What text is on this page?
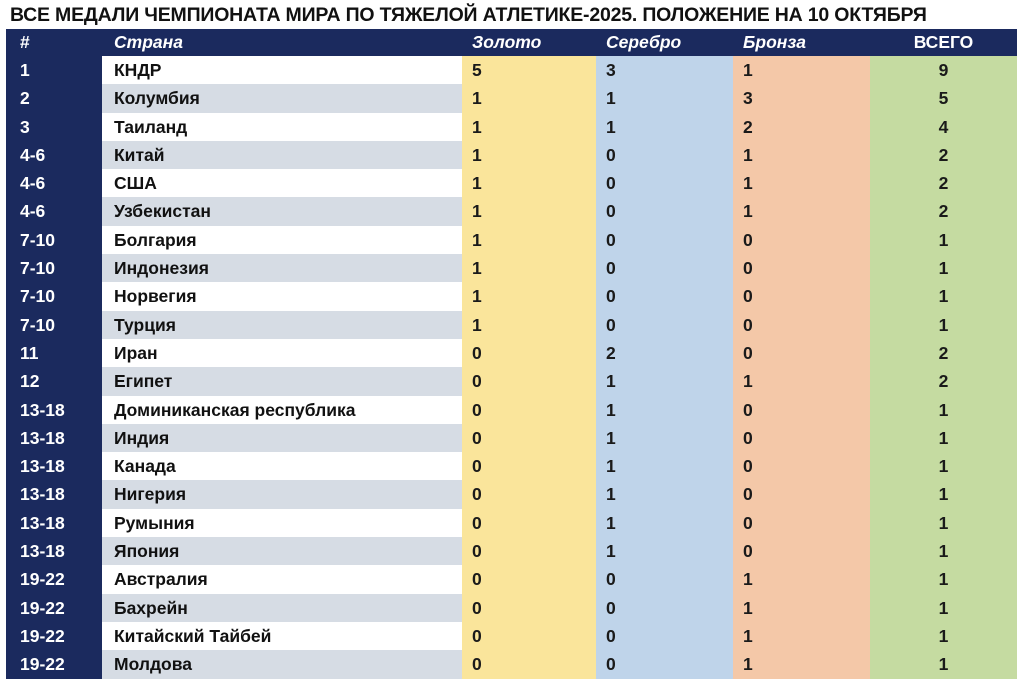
ВСЕ МЕДАЛИ ЧЕМПИОНАТА МИРА ПО ТЯЖЕЛОЙ АТЛЕТИКЕ-2025. ПОЛОЖЕНИЕ НА 10 ОКТЯБРЯ
#	Страна	Золото	Серебро	Бронза	ВСЕГО
1	КНДР	5	3	1	9
2	Колумбия	1	1	3	5
3	Таиланд	1	1	2	4
4-6	Китай	1	0	1	2
4-6	США	1	0	1	2
4-6	Узбекистан	1	0	1	2
7-10	Болгария	1	0	0	1
7-10	Индонезия	1	0	0	1
7-10	Норвегия	1	0	0	1
7-10	Турция	1	0	0	1
11	Иран	0	2	0	2
12	Египет	0	1	1	2
13-18	Доминиканская республика	0	1	0	1
13-18	Индия	0	1	0	1
13-18	Канада	0	1	0	1
13-18	Нигерия	0	1	0	1
13-18	Румыния	0	1	0	1
13-18	Япония	0	1	0	1
19-22	Австралия	0	0	1	1
19-22	Бахрейн	0	0	1	1
19-22	Китайский Тайбей	0	0	1	1
19-22	Молдова	0	0	1	1
